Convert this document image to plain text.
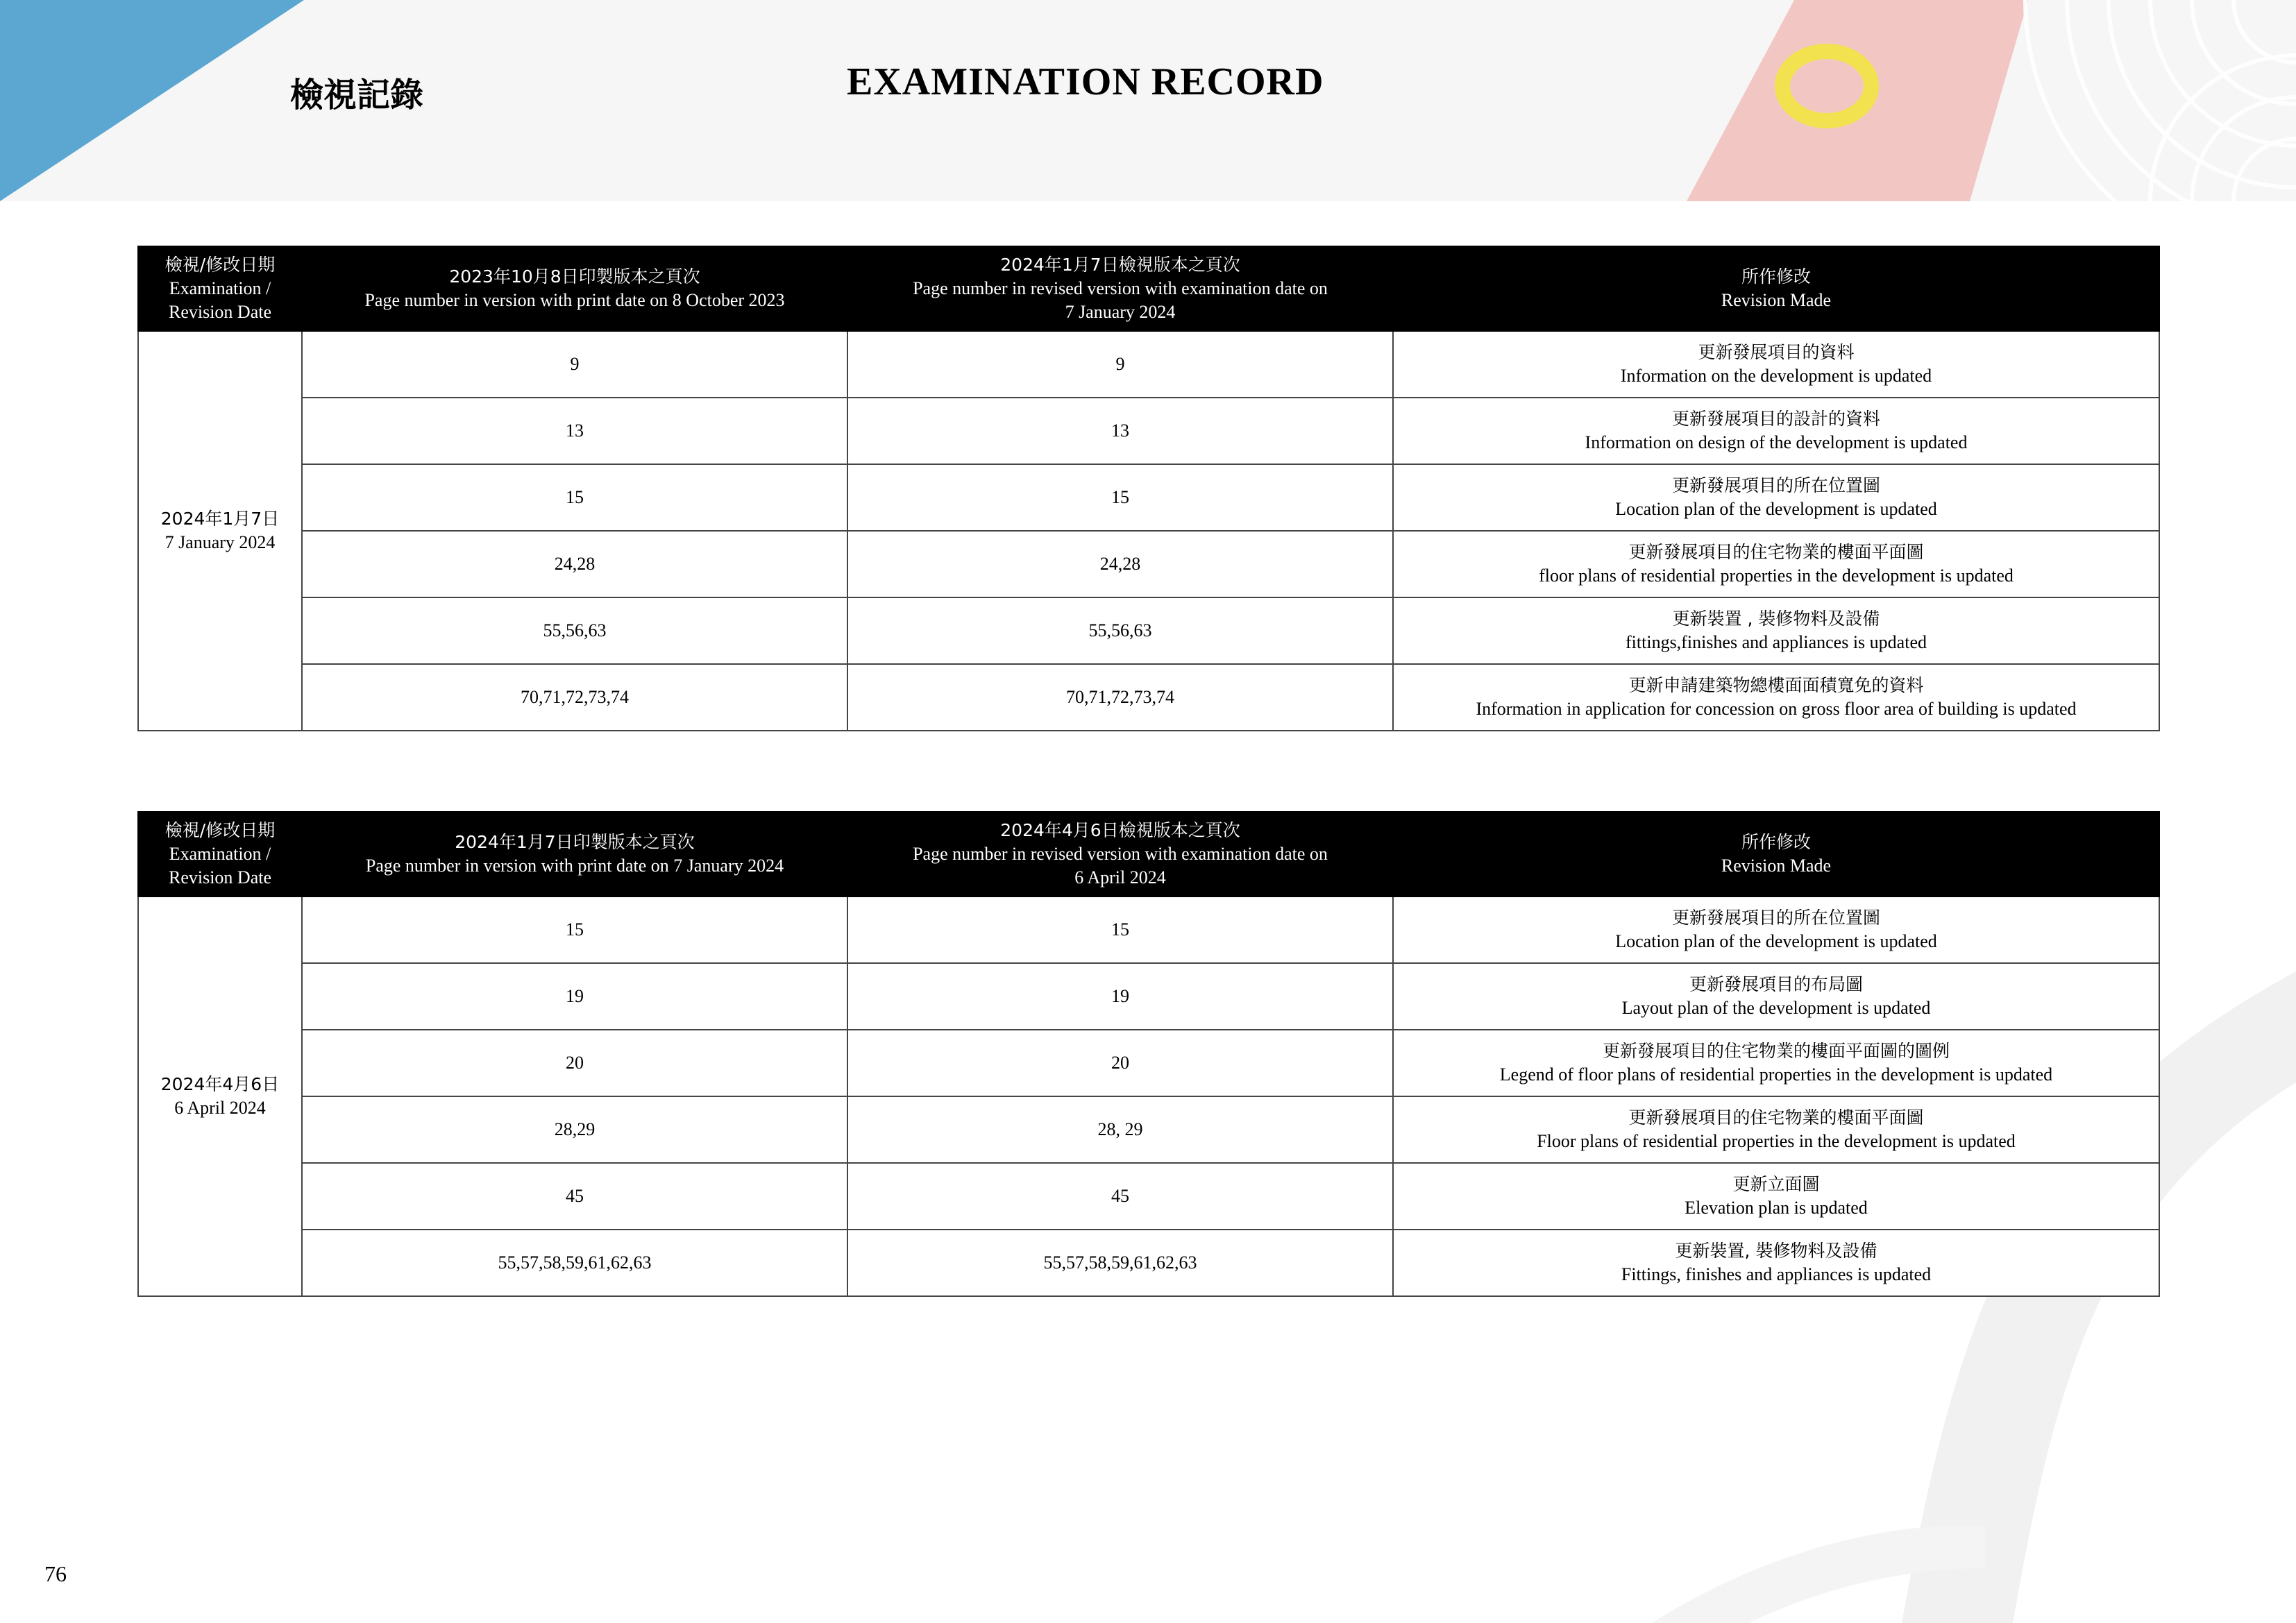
檢視記錄	EXAMINATION RECORD
檢視/修改日期
Examination /
Revision Date	2023年10月8日印製版本之頁次
Page number in version with print date on 8 October 2023	2024年1月7日檢視版本之頁次
Page number in revised version with examination date on
7 January 2024	所作修改
Revision Made

2024年1月7日
7 January 2024	9	9	更新發展項目的資料
Information on the development is updated

	13	13	更新發展項目的設計的資料
Information on design of the development is updated

	15	15	更新發展項目的所在位置圖
Location plan of the development is updated

	24,28	24,28	更新發展項目的住宅物業的樓面平面圖
floor plans of residential properties in the development is updated

	55,56,63	55,56,63	更新裝置 , 裝修物料及設備
fittings,finishes and appliances is updated

	70,71,72,73,74	70,71,72,73,74	更新申請建築物總樓面面積寬免的資料
Information in application for concession on gross floor area of building is updated
檢視/修改日期
Examination /
Revision Date	2024年1月7日印製版本之頁次
Page number in version with print date on 7 January 2024	2024年4月6日檢視版本之頁次
Page number in revised version with examination date on
6 April 2024	所作修改
Revision Made

2024年4月6日
6 April 2024	15	15	更新發展項目的所在位置圖
Location plan of the development is updated

	19	19	更新發展項目的布局圖
Layout plan of the development is updated

	20	20	更新發展項目的住宅物業的樓面平面圖的圖例
Legend of floor plans of residential properties in the development is updated

	28,29	28, 29	更新發展項目的住宅物業的樓面平面圖
Floor plans of residential properties in the development is updated

	45	45	更新立面圖
Elevation plan is updated

	55,57,58,59,61,62,63	55,57,58,59,61,62,63	更新裝置, 裝修物料及設備
Fittings, finishes and appliances is updated
76
